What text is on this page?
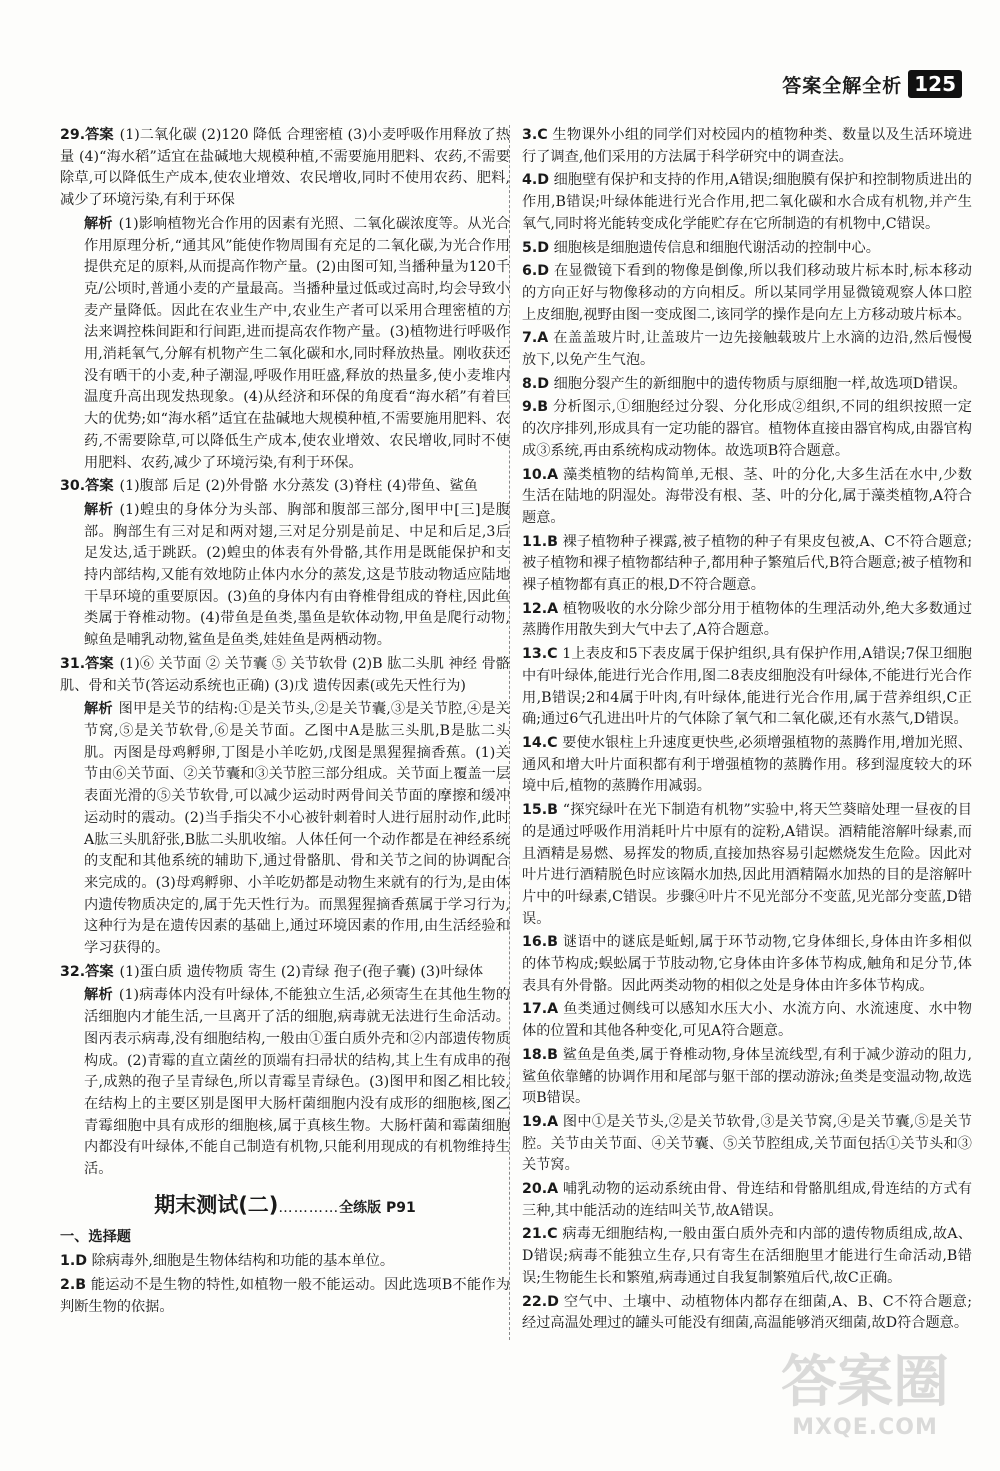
答案全解全析 125
29.答案 (1)二氧化碳 (2)120 降低 合理密植 (3)小麦呼吸作用释放了热量 (4)“海水稻”适宜在盐碱地大规模种植,不需要施用肥料、农药,不需要除草,可以降低生产成本,使农业增效、农民增收,同时不使用农药、肥料,减少了环境污染,有利于环保
解析 (1)影响植物光合作用的因素有光照、二氧化碳浓度等。从光合作用原理分析,“通其风”能使作物周围有充足的二氧化碳,为光合作用提供充足的原料,从而提高作物产量。(2)由图可知,当播种量为120千克/公顷时,普通小麦的产量最高。当播种量过低或过高时,均会导致小麦产量降低。因此在农业生产中,农业生产者可以采用合理密植的方法来调控株间距和行间距,进而提高农作物产量。(3)植物进行呼吸作用,消耗氧气,分解有机物产生二氧化碳和水,同时释放热量。刚收获还没有晒干的小麦,种子潮湿,呼吸作用旺盛,释放的热量多,使小麦堆内温度升高出现发热现象。(4)从经济和环保的角度看“海水稻”有着巨大的优势;如“海水稻”适宜在盐碱地大规模种植,不需要施用肥料、农药,不需要除草,可以降低生产成本,使农业增效、农民增收,同时不使用肥料、农药,减少了环境污染,有利于环保。
30.答案 (1)腹部 后足 (2)外骨骼 水分蒸发 (3)脊柱 (4)带鱼、鲨鱼
解析 (1)蝗虫的身体分为头部、胸部和腹部三部分,图甲中[三]是腹部。胸部生有三对足和两对翅,三对足分别是前足、中足和后足,3后足发达,适于跳跃。(2)蝗虫的体表有外骨骼,其作用是既能保护和支持内部结构,又能有效地防止体内水分的蒸发,这是节肢动物适应陆地干旱环境的重要原因。(3)鱼的身体内有由脊椎骨组成的脊柱,因此鱼类属于脊椎动物。(4)带鱼是鱼类,墨鱼是软体动物,甲鱼是爬行动物,鲸鱼是哺乳动物,鲨鱼是鱼类,娃娃鱼是两栖动物。
31.答案 (1)⑥ 关节面 ② 关节囊 ⑤ 关节软骨 (2)B 肱二头肌 神经 骨骼肌、骨和关节(答运动系统也正确) (3)戊 遗传因素(或先天性行为)
解析 图甲是关节的结构:①是关节头,②是关节囊,③是关节腔,④是关节窝,⑤是关节软骨,⑥是关节面。乙图中A是肱三头肌,B是肱二头肌。丙图是母鸡孵卵,丁图是小羊吃奶,戊图是黑猩猩摘香蕉。(1)关节由⑥关节面、②关节囊和③关节腔三部分组成。关节面上覆盖一层表面光滑的⑤关节软骨,可以减少运动时两骨间关节面的摩擦和缓冲运动时的震动。(2)当手指尖不小心被针刺着时人进行屈肘动作,此时A肱三头肌舒张,B肱二头肌收缩。人体任何一个动作都是在神经系统的支配和其他系统的辅助下,通过骨骼肌、骨和关节之间的协调配合来完成的。(3)母鸡孵卵、小羊吃奶都是动物生来就有的行为,是由体内遗传物质决定的,属于先天性行为。而黑猩猩摘香蕉属于学习行为,这种行为是在遗传因素的基础上,通过环境因素的作用,由生活经验和学习获得的。
32.答案 (1)蛋白质 遗传物质 寄生 (2)青绿 孢子(孢子囊) (3)叶绿体
解析 (1)病毒体内没有叶绿体,不能独立生活,必须寄生在其他生物的活细胞内才能生活,一旦离开了活的细胞,病毒就无法进行生命活动。图丙表示病毒,没有细胞结构,一般由①蛋白质外壳和②内部遗传物质构成。(2)青霉的直立菌丝的顶端有扫帚状的结构,其上生有成串的孢子,成熟的孢子呈青绿色,所以青霉呈青绿色。(3)图甲和图乙相比较,在结构上的主要区别是图甲大肠杆菌细胞内没有成形的细胞核,图乙青霉细胞中具有成形的细胞核,属于真核生物。大肠杆菌和霉菌细胞内都没有叶绿体,不能自己制造有机物,只能利用现成的有机物维持生活。
期末测试(二)…………全练版 P91
一、选择题
1.D 除病毒外,细胞是生物体结构和功能的基本单位。
2.B 能运动不是生物的特性,如植物一般不能运动。因此选项B不能作为判断生物的依据。
3.C 生物课外小组的同学们对校园内的植物种类、数量以及生活环境进行了调查,他们采用的方法属于科学研究中的调查法。
4.D 细胞壁有保护和支持的作用,A错误;细胞膜有保护和控制物质进出的作用,B错误;叶绿体能进行光合作用,把二氧化碳和水合成有机物,并产生氧气,同时将光能转变成化学能贮存在它所制造的有机物中,C错误。
5.D 细胞核是细胞遗传信息和细胞代谢活动的控制中心。
6.D 在显微镜下看到的物像是倒像,所以我们移动玻片标本时,标本移动的方向正好与物像移动的方向相反。所以某同学用显微镜观察人体口腔上皮细胞,视野由图一变成图二,该同学的操作是向左上方移动玻片标本。
7.A 在盖盖玻片时,让盖玻片一边先接触载玻片上水滴的边沿,然后慢慢放下,以免产生气泡。
8.D 细胞分裂产生的新细胞中的遗传物质与原细胞一样,故选项D错误。
9.B 分析图示,①细胞经过分裂、分化形成②组织,不同的组织按照一定的次序排列,形成具有一定功能的器官。植物体直接由器官构成,由器官构成③系统,再由系统构成动物体。故选项B符合题意。
10.A 藻类植物的结构简单,无根、茎、叶的分化,大多生活在水中,少数生活在陆地的阴湿处。海带没有根、茎、叶的分化,属于藻类植物,A符合题意。
11.B 裸子植物种子裸露,被子植物的种子有果皮包被,A、C不符合题意;被子植物和裸子植物都结种子,都用种子繁殖后代,B符合题意;被子植物和裸子植物都有真正的根,D不符合题意。
12.A 植物吸收的水分除少部分用于植物体的生理活动外,绝大多数通过蒸腾作用散失到大气中去了,A符合题意。
13.C 1上表皮和5下表皮属于保护组织,具有保护作用,A错误;7保卫细胞中有叶绿体,能进行光合作用,图二8表皮细胞没有叶绿体,不能进行光合作用,B错误;2和4属于叶肉,有叶绿体,能进行光合作用,属于营养组织,C正确;通过6气孔进出叶片的气体除了氧气和二氧化碳,还有水蒸气,D错误。
14.C 要使水银柱上升速度更快些,必须增强植物的蒸腾作用,增加光照、通风和增大叶片面积都有利于增强植物的蒸腾作用。移到湿度较大的环境中后,植物的蒸腾作用减弱。
15.B “探究绿叶在光下制造有机物”实验中,将天竺葵暗处理一昼夜的目的是通过呼吸作用消耗叶片中原有的淀粉,A错误。酒精能溶解叶绿素,而且酒精是易燃、易挥发的物质,直接加热容易引起燃烧发生危险。因此对叶片进行酒精脱色时应该隔水加热,因此用酒精隔水加热的目的是溶解叶片中的叶绿素,C错误。步骤④叶片不见光部分不变蓝,见光部分变蓝,D错误。
16.B 谜语中的谜底是蚯蚓,属于环节动物,它身体细长,身体由许多相似的体节构成;蜈蚣属于节肢动物,它身体由许多体节构成,触角和足分节,体表具有外骨骼。因此两类动物的相似之处是身体由许多体节构成。
17.A 鱼类通过侧线可以感知水压大小、水流方向、水流速度、水中物体的位置和其他各种变化,可见A符合题意。
18.B 鲨鱼是鱼类,属于脊椎动物,身体呈流线型,有利于减少游动的阻力,鲨鱼依靠鳍的协调作用和尾部与躯干部的摆动游泳;鱼类是变温动物,故选项B错误。
19.A 图中①是关节头,②是关节软骨,③是关节窝,④是关节囊,⑤是关节腔。关节由关节面、④关节囊、⑤关节腔组成,关节面包括①关节头和③关节窝。
20.A 哺乳动物的运动系统由骨、骨连结和骨骼肌组成,骨连结的方式有三种,其中能活动的连结叫关节,故A错误。
21.C 病毒无细胞结构,一般由蛋白质外壳和内部的遗传物质组成,故A、D错误;病毒不能独立生存,只有寄生在活细胞里才能进行生命活动,B错误;生物能生长和繁殖,病毒通过自我复制繁殖后代,故C正确。
22.D 空气中、土壤中、动植物体内都存在细菌,A、B、C不符合题意;经过高温处理过的罐头可能没有细菌,高温能够消灭细菌,故D符合题意。
答案圈
MXQE.COM
